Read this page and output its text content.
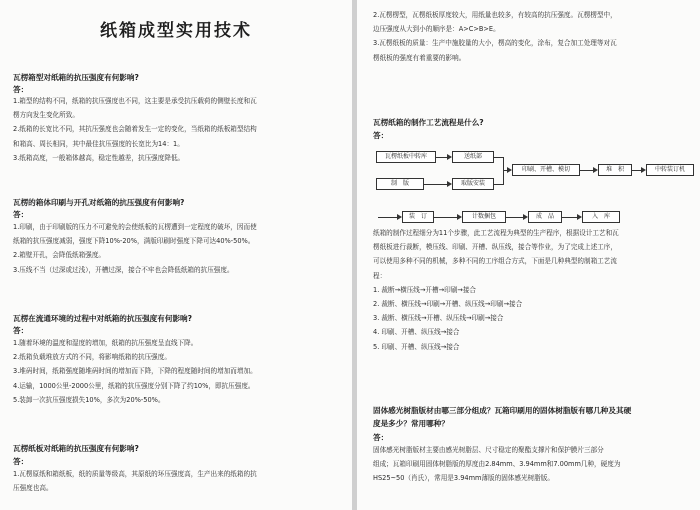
纸箱成型实用技术
瓦楞箱型对纸箱的抗压强度有何影响?
答：
1.箱型的结构不同，纸箱的抗压强度也不同，这主要是承受抗压载荷的侧壁长度和瓦
楞方向发生变化所致。
2.纸箱的长宽比不同，其抗压强度也会随着发生一定的变化，当纸箱的纸板箱型结构
和箱高、周长相同，其中最佳抗压强度的长宽比为14：1。
3.纸箱高度，一般箱体越高，稳定性越差，抗压强度降低。
瓦楞的箱体印刷与开孔对纸箱的抗压强度有何影响?
答：
1.印刷，由于印刷版的压力不可避免的会使纸板的瓦楞遭到一定程度的破坏，因而使
纸箱的抗压强度减弱，强度下降10%-20%，满版印刷时强度下降可达40%-50%。
2.箱壁开孔，会降低纸箱强度。
3.压线不当（过深或过浅），开槽过深，接合不牢也会降低纸箱的抗压强度。
瓦楞在流通环境的过程中对纸箱的抗压强度有何影响?
答：
1.随着环境的温度和湿度的增加，纸箱的抗压强度呈直线下降。
2.纸箱负载堆放方式的不同，将影响纸箱的抗压强度。
3.堆码时间，纸箱强度随堆码时间的增加而下降，下降的程度随时间的增加而增加。
4.运输，1000公里-2000公里，纸箱的抗压强度分别下降了约10%，即抗压强度。
5.装卸一次抗压强度损失10%，多次为20%-50%。
瓦楞纸板对纸箱的抗压强度有何影响?
答：
1.瓦楞原纸和箱纸板，纸的质量等级高，其原纸的环压强度高，生产出来的纸箱的抗
压强度也高。
2.瓦楞楞型，瓦楞纸板厚度较大，用纸量也较多，有较高的抗压强度。瓦楞楞型中，
边压强度从大到小的顺序是：A>C>B>E。
3.瓦楞纸板的质量：生产中施胶量的大小，楞高的变化，涂布，复合加工处理等对瓦
楞纸板的强度有着重要的影响。
瓦楞纸箱的制作工艺流程是什么?
答：
纸箱的制作过程细分为11个步骤，此工艺流程为典型的生产程序，根据设计工艺和瓦
楞纸板进行裁断，模压线、印刷、开槽、纵压线，接合等作业，为了完成上述工序，
可以使用多种不同的机械，多种不同的工序组合方式，下面是几种典型的制箱工艺流
程：
1. 裁断→横压线→开槽→印刷→接合
2. 裁断、横压线→印刷→开槽、纵压线→印刷→接合
3. 裁断、横压线→开槽、纵压线→印刷→接合
4. 印刷、开槽、纵压线→接合
5. 印刷、开槽、纵压线→接合
固体感光树脂版材由哪三部分组成？瓦箱印刷用的固体树脂版有哪几种及其硬
度是多少？常用哪种？
答：
固体感光树脂版材主要由感光树脂层、尺寸稳定的聚酯支撑片和保护膜片三部分
组成；瓦箱印刷用固体树脂版的厚度由2.84mm、3.94mm和7.00mm几种，硬度为
HS25~50（肖氏），常用是3.94mm薄版的固体感光树脂版。
瓦楞纸板中转库	送纸部
制　版	取版安装
印刷、开槽、模切	堆　积	中转装订机
装　订	计数捆包	成　品	入　库
